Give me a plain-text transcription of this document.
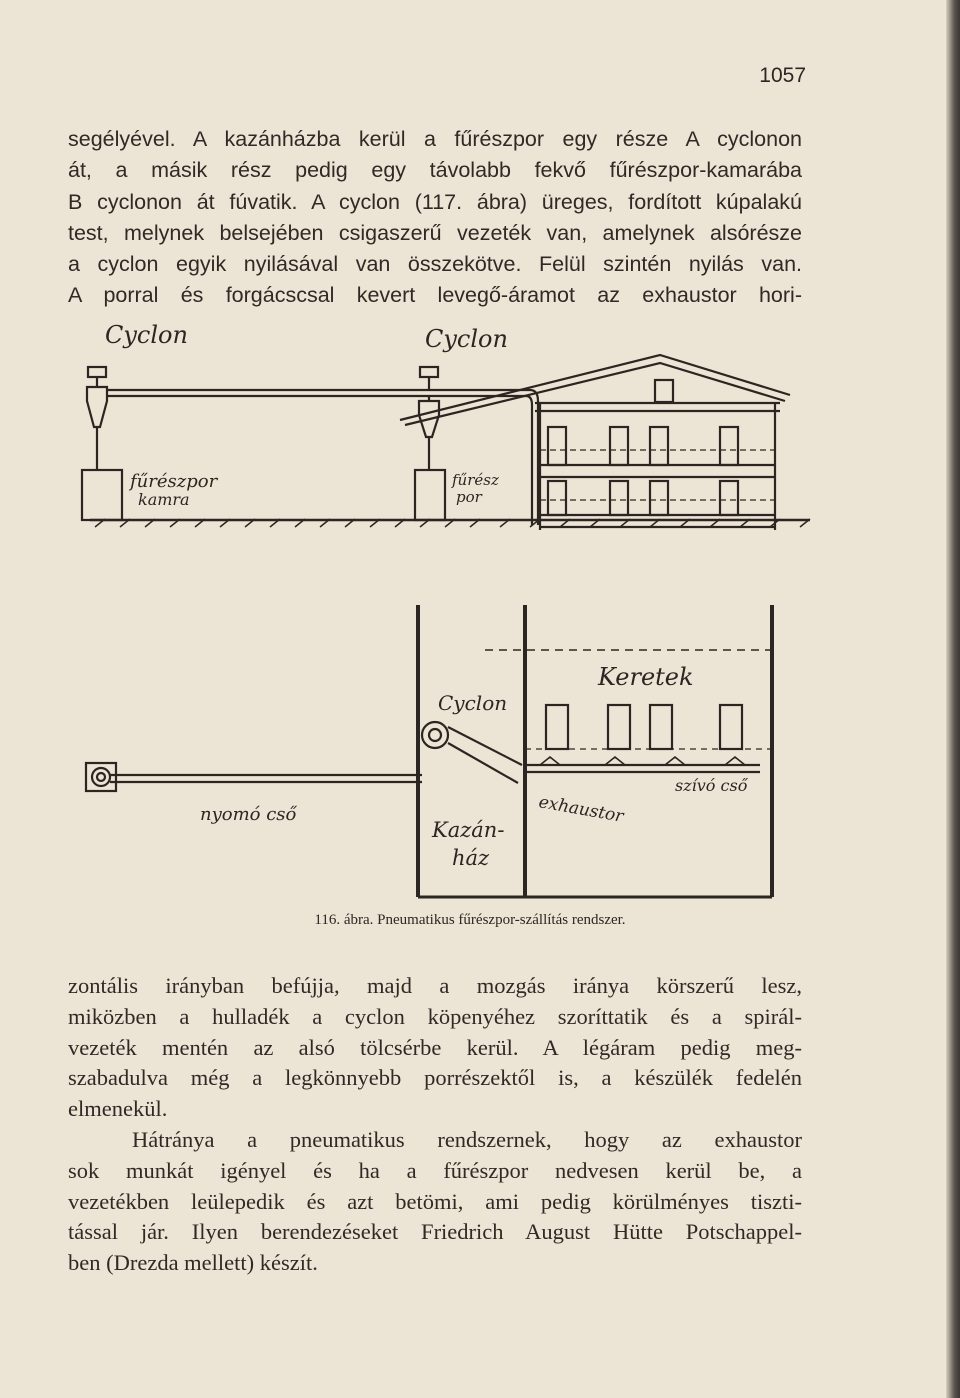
1057

segélyével. A kazánházba kerül a fűrészpor egy része A cyclonon

át, a másik rész pedig egy távolabb fekvő fűrészpor-kamarába

B cyclonon át fúvatik. A cyclon (117. ábra) üreges, fordított kúpalakú

test, melynek belsejében csigaszerű vezeték van, amelynek alsórésze

a cyclon egyik nyilásával van összekötve. Felül szintén nyilás van.

A porral és forgácscsal kevert levegő-áramot az exhaustor hori-

Cyclon	Cyclon
fűrészpor
kamra
fűrész
por
Keretek
Cyclon
szívó cső
exhaustor
nyomó cső
Kazán-
ház
116. ábra. Pneumatikus fűrészpor-szállítás rendszer.

zontális irányban befújja, majd a mozgás iránya körszerű lesz,

miközben a hulladék a cyclon köpenyéhez szoríttatik és a spirál-

vezeték mentén az alsó tölcsérbe kerül. A légáram pedig meg-

szabadulva még a legkönnyebb porrészektől is, a készülék fedelén

elmenekül.

Hátránya a pneumatikus rendszernek, hogy az exhaustor

sok munkát igényel és ha a fűrészpor nedvesen kerül be, a

vezetékben leülepedik és azt betömi, ami pedig körülményes tiszti-

tással jár. Ilyen berendezéseket Friedrich August Hütte Potschappel-

ben (Drezda mellett) készít.
